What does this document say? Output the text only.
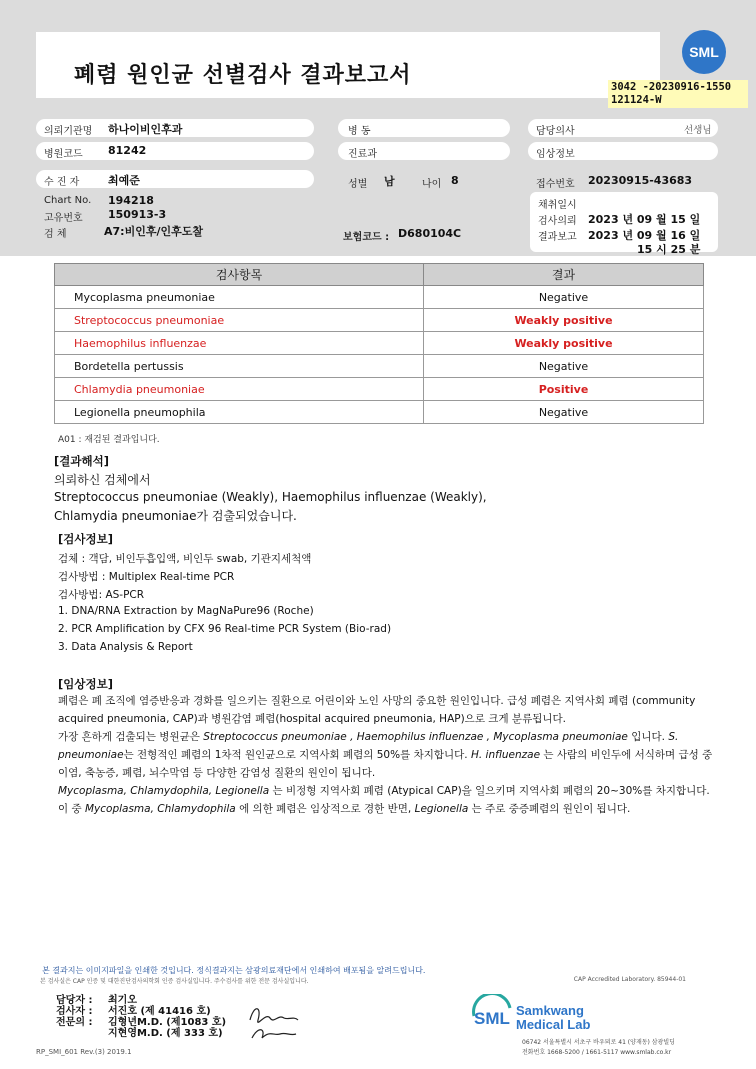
폐렴 원인균 선별검사 결과보고서
SML
3042 -20230916-1550
121124-W
의뢰기관명 하나이비인후과	병 동	담당의사	선생님
병원코드 81242	진료과	임상정보
수 진 자	최예준	성별 남	나이 8	접수번호 20230915-43683
Chart No. 194218
고유번호 150913-3
검 체	A7:비인후/인후도찰	보험코드 : D680104C
채취일시
검사의뢰 2023 년 09 월 15 일
결과보고 2023 년 09 월 16 일
15 시 25 분
검사항목	결과
Mycoplasma pneumoniae	Negative
Streptococcus pneumoniae	Weakly positive
Haemophilus influenzae	Weakly positive
Bordetella pertussis	Negative
Chlamydia pneumoniae	Positive
Legionella pneumophila	Negative
A01 : 재검된 결과입니다.
[결과해석]
의뢰하신 검체에서
Streptococcus pneumoniae (Weakly), Haemophilus influenzae (Weakly),
Chlamydia pneumoniae가 검출되었습니다.
[검사정보]
검체 : 객담, 비인두흡입액, 비인두 swab, 기관지세척액
검사방법 : Multiplex Real-time PCR
검사방법: AS-PCR
1. DNA/RNA Extraction by MagNaPure96 (Roche)
2. PCR Amplification by CFX 96 Real-time PCR System (Bio-rad)
3. Data Analysis & Report
[임상정보]
폐렴은 폐 조직에 염증반응과 경화를 일으키는 질환으로 어린이와 노인 사망의 중요한 원인입니다. 급성 폐렴은 지역사회 폐렴 (community acquired pneumonia, CAP)과 병원감염 폐렴(hospital acquired pneumonia, HAP)으로 크게 분류됩니다.
가장 흔하게 검출되는 병원균은 Streptococcus pneumoniae , Haemophilus influenzae , Mycoplasma pneumoniae 입니다. S. pneumoniae는 전형적인 폐렴의 1차적 원인균으로 지역사회 폐렴의 50%를 차지합니다. H. influenzae 는 사람의 비인두에 서식하며 급성 중이염, 축농증, 폐렴, 뇌수막염 등 다양한 감염성 질환의 원인이 됩니다.
Mycoplasma, Chlamydophila, Legionella 는 비정형 지역사회 폐렴 (Atypical CAP)을 일으키며 지역사회 폐렴의 20~30%를 차지합니다. 이 중 Mycoplasma, Chlamydophila 에 의한 폐렴은 임상적으로 경한 반면, Legionella 는 주로 중증폐렴의 원인이 됩니다.
본 결과지는 이미지파일을 인쇄한 것입니다. 정식결과지는 삼광의료재단에서 인쇄하여 배포됨을 알려드립니다.
본 검사실은 CAP 인증 및 대한진단검사의학회 인증 검사실입니다. 주수검사를 위한 전문 검사실입니다.	CAP Accredited Laboratory. 85944-01
담당자 : 최기오
검사자 : 서진호 (제 41416 호)
전문의 : 김형년M.D. (제1083 호)
지현영M.D. (제 333 호)
RP_SMI_601 Rev.(3) 2019.1
SML Samkwang
Medical Lab
06742 서울특별시 서초구 바우뫼로 41 (양재동) 삼광빌딩
전화번호 1668-5200 / 1661-5117 www.smlab.co.kr
